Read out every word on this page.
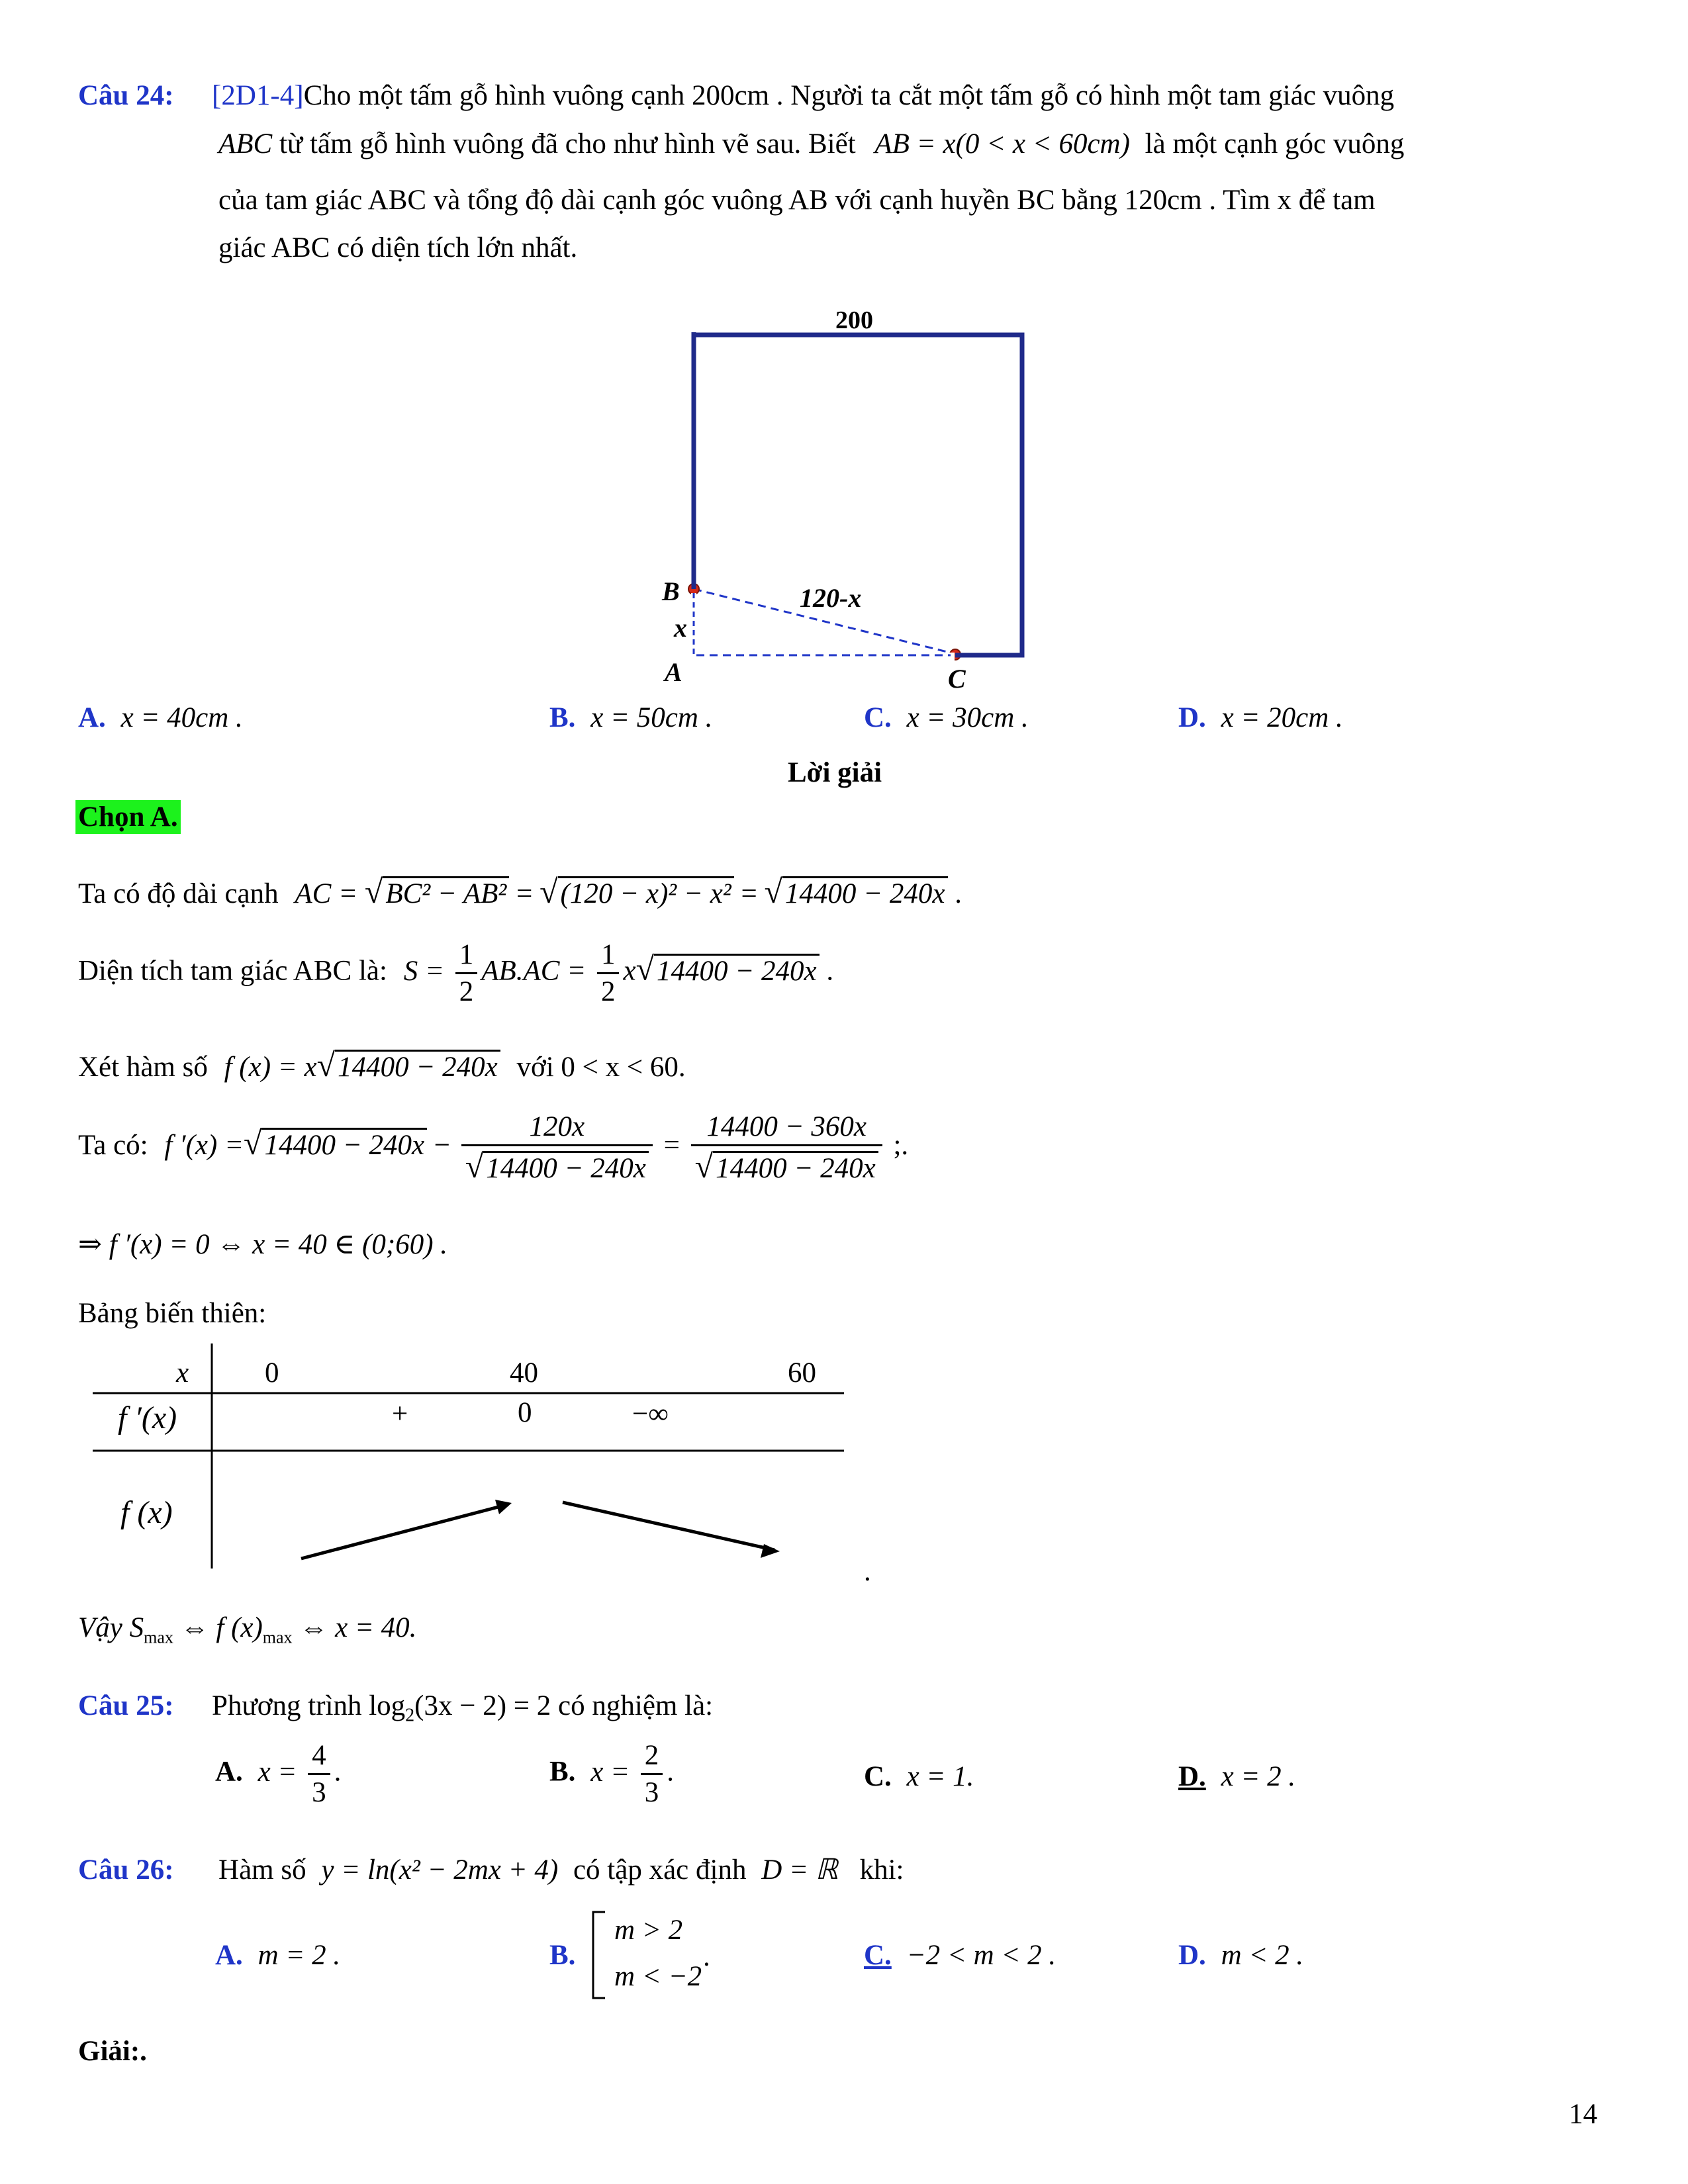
Câu 24: [2D1-4]Cho một tấm gỗ hình vuông cạnh 200cm . Người ta cắt một tấm gỗ có hình một tam giác vuông
ABC từ tấm gỗ hình vuông đã cho như hình vẽ sau. Biết AB = x(0 < x < 60cm) là một cạnh góc vuông
của tam giác ABC và tổng độ dài cạnh góc vuông AB với cạnh huyền BC bằng 120cm . Tìm x để tam
giác ABC có diện tích lớn nhất.
200
120-x
B
x
A	C
A. x = 40cm .	B. x = 50cm .	C. x = 30cm .	D. x = 20cm .
Lời giải
Chọn A.
Ta có độ dài cạnh AC = √BC² − AB² = √(120 − x)² − x² = √14400 − 240x .
Diện tích tam giác ABC là: $S = \frac{1}{2} AB.AC = \frac{1}{2} x√14400 - 240x$ .
Xét hàm số f (x) = x√14400 − 240x với 0 < x < 60.
Ta có: f $'(x) =√14400 - 240x - \frac{120x}{√14400 - 240x} = \frac{14400 - 360x}{√14400 - 240x}$ ;.
⇒ f ′(x) = 0 ⇔ x = 40 ∈ (0;60) .
Bảng biến thiên:
x	0	40	60
f ′(x)	+	0	−∞
f (x)
.
Vậy $S_{max}$ ⇔ f $(x)_{max}$ ⇔ x = 40.
Câu 25: Phương trình $\log_2(3x - 2) = 2$ có nghiệm là:
A. $x = \frac{4}{3}$ .	B. $x = \frac{2}{3}$ .	C. x = 1.	D. x = 2 .
Câu 26: Hàm số y = ln(x² − 2mx + 4) có tập xác định D = ℝ khi:
A. m = 2 .	B.
m > 2
m < −2
.	C. −2 < m < 2 .	D. m < 2 .
Giải:.
14
